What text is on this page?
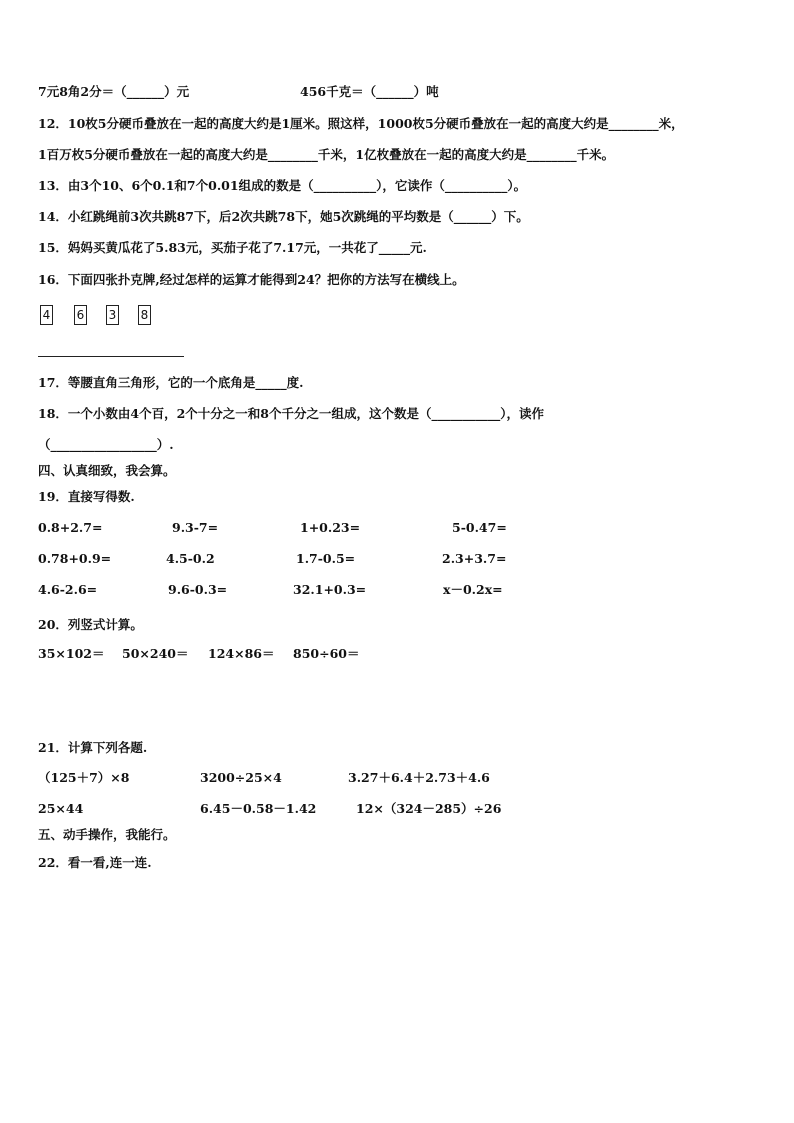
7元8角2分＝（______）元	456千克＝（______）吨
12．10枚5分硬币叠放在一起的高度大约是1厘米。照这样，1000枚5分硬币叠放在一起的高度大约是________米，
1百万枚5分硬币叠放在一起的高度大约是________千米，1亿枚叠放在一起的高度大约是________千米。
13．由3个10、6个0.1和7个0.01组成的数是（__________），它读作（__________）。
14．小红跳绳前3次共跳87下，后2次共跳78下，她5次跳绳的平均数是（______）下。
15．妈妈买黄瓜花了5.83元，买茄子花了7.17元，一共花了_____元.
16．下面四张扑克牌,经过怎样的运算才能得到24？把你的方法写在横线上。
4 6 3 8
17．等腰直角三角形，它的一个底角是_____度.
18．一个小数由4个百，2个十分之一和8个千分之一组成，这个数是（___________），读作
（_________________）.
四、认真细致，我会算。
19．直接写得数.
0.8+2.7=	9.3-7=	1+0.23=	5-0.47=
0.78+0.9=	4.5-0.2	1.7-0.5=	2.3+3.7=
4.6-2.6=	9.6-0.3=	32.1+0.3=	x－0.2x=
20．列竖式计算。
35×102＝ 50×240＝ 124×86＝ 850÷60＝
21．计算下列各题.
（125＋7）×8	3200÷25×4	3.27＋6.4＋2.73＋4.6
25×44	6.45－0.58－1.42	12×（324－285）÷26
五、动手操作，我能行。
22．看一看,连一连.
